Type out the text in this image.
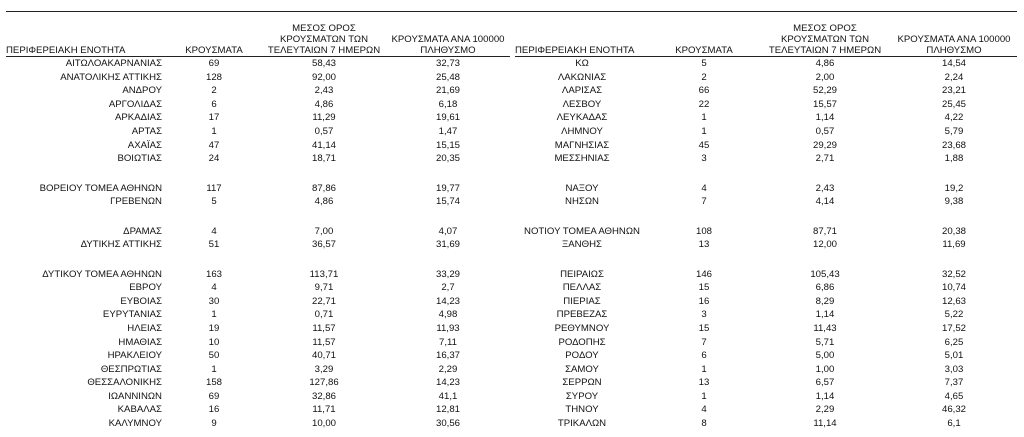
ΠΕΡΙΦΕΡΕΙΑΚΗ ΕΝΟΤΗΤΑ	ΚΡΟΥΣΜΑΤΑ	ΜΕΣΟΣ ΟΡΟΣ ΚΡΟΥΣΜΑΤΩΝ ΤΩΝ ΤΕΛΕΥΤΑΙΩΝ 7 ΗΜΕΡΩΝ	ΚΡΟΥΣΜΑΤΑ ΑΝΑ 100000 ΠΛΗΘΥΣΜΟ
ΑΙΤΩΛΟΑΚΑΡΝΑΝΙΑΣ	69	58,43	32,73
ΑΝΑΤΟΛΙΚΗΣ ΑΤΤΙΚΗΣ	128	92,00	25,48
ΑΝΔΡΟΥ	2	2,43	21,69
ΑΡΓΟΛΙΔΑΣ	6	4,86	6,18
ΑΡΚΑΔΙΑΣ	17	11,29	19,61
ΑΡΤΑΣ	1	0,57	1,47
ΑΧΑΪΑΣ	47	41,14	15,15
ΒΟΙΩΤΙΑΣ	24	18,71	20,35

ΒΟΡΕΙΟΥ ΤΟΜΕΑ ΑΘΗΝΩΝ	117	87,86	19,77
ΓΡΕΒΕΝΩΝ	5	4,86	15,74

ΔΡΑΜΑΣ	4	7,00	4,07
ΔΥΤΙΚΗΣ ΑΤΤΙΚΗΣ	51	36,57	31,69

ΔΥΤΙΚΟΥ ΤΟΜΕΑ ΑΘΗΝΩΝ	163	113,71	33,29
ΕΒΡΟΥ	4	9,71	2,7
ΕΥΒΟΙΑΣ	30	22,71	14,23
ΕΥΡΥΤΑΝΙΑΣ	1	0,71	4,98
ΗΛΕΙΑΣ	19	11,57	11,93
ΗΜΑΘΙΑΣ	10	11,57	7,11
ΗΡΑΚΛΕΙΟΥ	50	40,71	16,37
ΘΕΣΠΡΩΤΙΑΣ	1	3,29	2,29
ΘΕΣΣΑΛΟΝΙΚΗΣ	158	127,86	14,23
ΙΩΑΝΝΙΝΩΝ	69	32,86	41,1
ΚΑΒΑΛΑΣ	16	11,71	12,81
ΚΑΛΥΜΝΟΥ	9	10,00	30,56
ΠΕΡΙΦΕΡΕΙΑΚΗ ΕΝΟΤΗΤΑ	ΚΡΟΥΣΜΑΤΑ	ΜΕΣΟΣ ΟΡΟΣ ΚΡΟΥΣΜΑΤΩΝ ΤΩΝ ΤΕΛΕΥΤΑΙΩΝ 7 ΗΜΕΡΩΝ	ΚΡΟΥΣΜΑΤΑ ΑΝΑ 100000 ΠΛΗΘΥΣΜΟ
ΚΩ	5	4,86	14,54
ΛΑΚΩΝΙΑΣ	2	2,00	2,24
ΛΑΡΙΣΑΣ	66	52,29	23,21
ΛΕΣΒΟΥ	22	15,57	25,45
ΛΕΥΚΑΔΑΣ	1	1,14	4,22
ΛΗΜΝΟΥ	1	0,57	5,79
ΜΑΓΝΗΣΙΑΣ	45	29,29	23,68
ΜΕΣΣΗΝΙΑΣ	3	2,71	1,88

ΝΑΞΟΥ	4	2,43	19,2
ΝΗΣΩΝ	7	4,14	9,38

ΝΟΤΙΟΥ ΤΟΜΕΑ ΑΘΗΝΩΝ	108	87,71	20,38
ΞΑΝΘΗΣ	13	12,00	11,69

ΠΕΙΡΑΙΩΣ	146	105,43	32,52
ΠΕΛΛΑΣ	15	6,86	10,74
ΠΙΕΡΙΑΣ	16	8,29	12,63
ΠΡΕΒΕΖΑΣ	3	1,14	5,22
ΡΕΘΥΜΝΟΥ	15	11,43	17,52
ΡΟΔΟΠΗΣ	7	5,71	6,25
ΡΟΔΟΥ	6	5,00	5,01
ΣΑΜΟΥ	1	1,00	3,03
ΣΕΡΡΩΝ	13	6,57	7,37
ΣΥΡΟΥ	1	1,14	4,65
ΤΗΝΟΥ	4	2,29	46,32
ΤΡΙΚΑΛΩΝ	8	11,14	6,1
